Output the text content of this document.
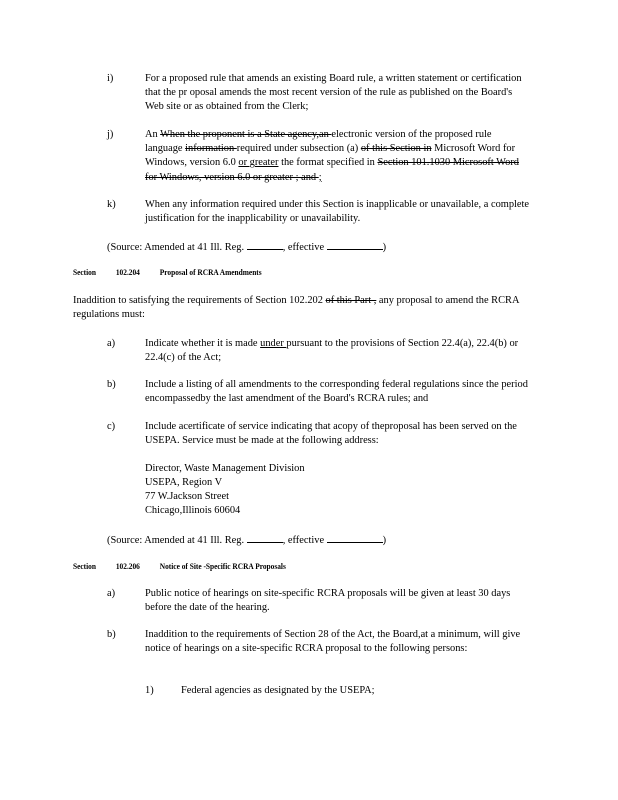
i)	For a proposed rule that amends an existing Board rule, a written statement or certification that the pr oposal amends the most recent version of the rule as published on the Board's Web site or as obtained from the Clerk;
j)	An When the proponent is a State agency,an electronic version of the proposed rule language information required under subsection (a) of this Section in Microsoft Word for Windows, version 6.0 or greater the format specified in Section 101.1030 Microsoft Word for Windows, version 6.0 or greater ; and ;
k)	When any information required under this Section is inapplicable or unavailable, a complete justification for the inapplicability or unavailability.
(Source: Amended at 41 Ill. Reg.	, effective	)
Section	102.204	Proposal of RCRA Amendments
Inaddition to satisfying the requirements of Section 102.202 of this Part , any proposal to amend the RCRA regulations must:
a)	Indicate whether it is made under pursuant to the provisions of Section 22.4(a), 22.4(b) or 22.4(c) of the Act;
b)	Include a listing of all amendments to the corresponding federal regulations since the period encompassedby the last amendment of the Board's RCRA rules; and
c)	Include acertificate of service indicating that acopy of theproposal has been served on the USEPA. Service must be made at the following address:
Director, Waste Management Division
USEPA, Region V
77 W.Jackson Street
Chicago,Illinois 60604
(Source: Amended at 41 Ill. Reg.	, effective	)
Section	102.206	Notice of Site -Specific RCRA Proposals
a)	Public notice of hearings on site-specific RCRA proposals will be given at least 30 days before the date of the hearing.
b)	Inaddition to the requirements of Section 28 of the Act, the Board,at a minimum, will give notice of hearings on a site-specific RCRA proposal to the following persons:
1)	Federal agencies as designated by the USEPA;
